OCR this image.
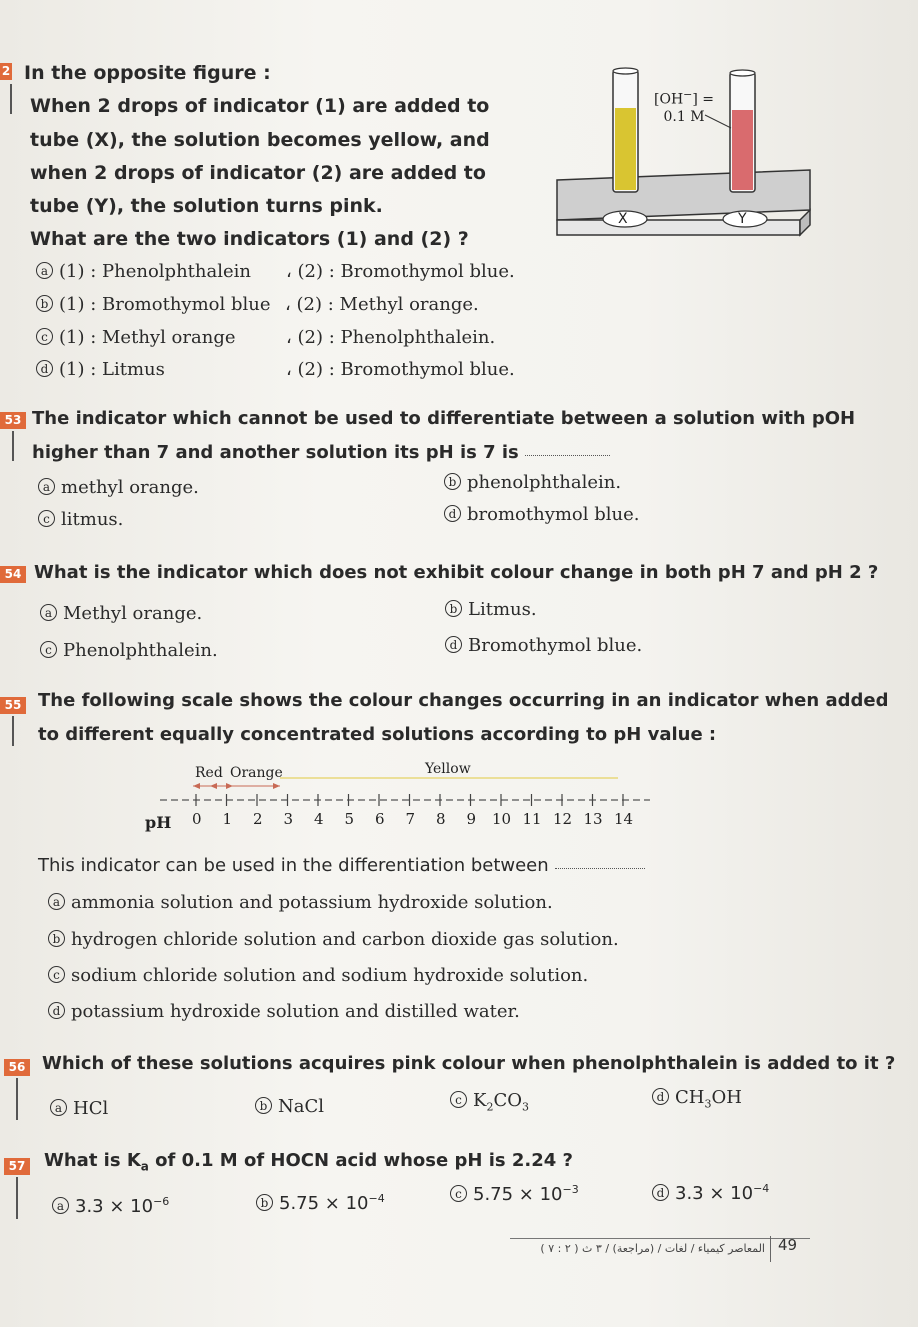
2 In the opposite figure :
When 2 drops of indicator (1) are added to
tube (X), the solution becomes yellow, and
when 2 drops of indicator (2) are added to
tube (Y), the solution turns pink.
What are the two indicators (1) and (2) ?
X	Y
[OH−] =
0.1 M
a (1) : Phenolphthalein ، (2) : Bromothymol blue.
b (1) : Bromothymol blue ، (2) : Methyl orange.
c (1) : Methyl orange	، (2) : Phenolphthalein.
d (1) : Litmus	، (2) : Bromothymol blue.
53 The indicator which cannot be used to differentiate between a solution with pOH
higher than 7 and another solution its pH is 7 is
a methyl orange.	b phenolphthalein.
c litmus.	d bromothymol blue.
54 What is the indicator which does not exhibit colour change in both pH 7 and pH 2 ?
a Methyl orange.	b Litmus.
c Phenolphthalein.	d Bromothymol blue.
55 The following scale shows the colour changes occurring in an indicator when added
to different equally concentrated solutions according to pH value :
Red Orange	Yellow
pH 0 1 2 3 4 5 6 7 8 9 10 11 12 13 14
This indicator can be used in the differentiation between
a ammonia solution and potassium hydroxide solution.
b hydrogen chloride solution and carbon dioxide gas solution.
c sodium chloride solution and sodium hydroxide solution.
d potassium hydroxide solution and distilled water.
56 Which of these solutions acquires pink colour when phenolphthalein is added to it ?
a HCl	b NaCl	c $K_2CO_3$
d $CH_3OH$
57 What is $K_a$ of 0.1 M of HOCN acid whose pH is 2.24 ?
a $3.3 \times 10^{-6}$	b $5.75 \times 10^{-4}$	c $5.75 \times 10^{-3}$	d $3.3 \times 10^{-4}$
المعاصر كيمياء / لغات / (مراجعة) / ٣ ث ( ٢ : ٧ ) 49
